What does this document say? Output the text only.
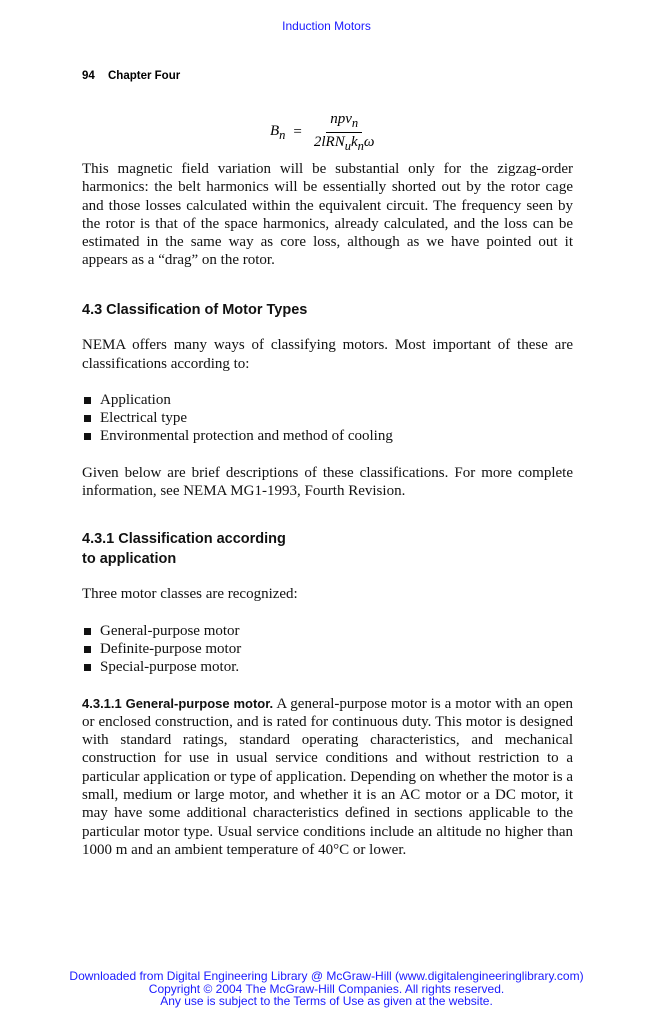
Induction Motors
94 Chapter Four
$B_n = \frac{npv_n}{2lRN_uk_n\omega}$

This magnetic field variation will be substantial only for the zigzag-order harmonics: the belt harmonics will be essentially shorted out by the rotor cage and those losses calculated within the equivalent circuit. The frequency seen by the rotor is that of the space harmonics, already calculated, and the loss can be estimated in the same way as core loss, although as we have pointed out it appears as a “drag” on the rotor.

4.3 Classification of Motor Types

NEMA offers many ways of classifying motors. Most important of these are classifications according to:

Application
Electrical type
Environmental protection and method of cooling

Given below are brief descriptions of these classifications. For more complete information, see NEMA MG1-1993, Fourth Revision.

4.3.1 Classification according
to application

Three motor classes are recognized:

General-purpose motor
Definite-purpose motor
Special-purpose motor.

4.3.1.1 General-purpose motor. A general-purpose motor is a motor with an open or enclosed construction, and is rated for continuous duty. This motor is designed with standard ratings, standard operating characteristics, and mechanical construction for use in usual service conditions and without restriction to a particular application or type of application. Depending on whether the motor is a small, medium or large motor, and whether it is an AC motor or a DC motor, it may have some additional characteristics defined in sections applicable to the particular motor type. Usual service conditions include an altitude no higher than 1000 m and an ambient temperature of 40°C or lower.

Downloaded from Digital Engineering Library @ McGraw-Hill (www.digitalengineeringlibrary.com)
Copyright © 2004 The McGraw-Hill Companies. All rights reserved.
Any use is subject to the Terms of Use as given at the website.
